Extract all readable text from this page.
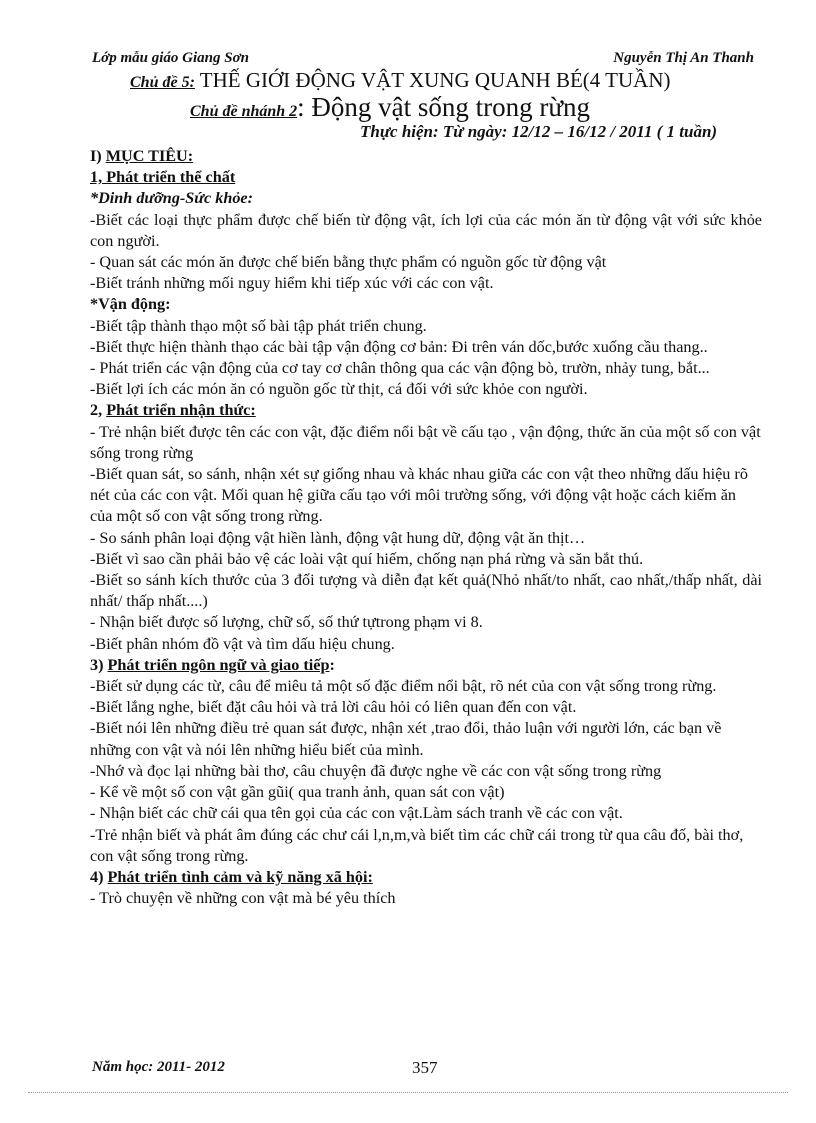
Lớp mẫu giáo Giang Sơn	Nguyễn Thị An Thanh
Chủ đề 5: THẾ GIỚI ĐỘNG VẬT XUNG QUANH BÉ(4 TUẦN)
Chủ đề nhánh 2: Động vật sống trong rừng
Thực hiện: Từ ngày: 12/12 – 16/12 / 2011 ( 1 tuần)

I) MỤC TIÊU:

1, Phát triển thể chất

*Dinh dưỡng-Sức khỏe:

-Biết các loại thực phẩm được chế biến từ động vật, ích lợi của các món ăn từ động vật với sức khỏe con người.

- Quan sát các món ăn được chế biến bằng thực phẩm có nguồn gốc từ động vật

-Biết tránh những mối nguy hiểm khi tiếp xúc với các con vật.

*Vận động:

-Biết tập thành thạo một số bài tập phát triển chung.

-Biết thực hiện thành thạo các bài tập vận động cơ bản: Đi trên ván dốc,bước xuống cầu thang..

- Phát triển các vận động của cơ tay cơ chân thông qua các vận động bò, trườn, nhảy tung, bắt...

-Biết lợi ích các món ăn có nguồn gốc từ thịt, cá đối với sức khỏe con người.

2, Phát triển nhận thức:

- Trẻ nhận biết được tên các con vật, đặc điểm nổi bật về cấu tạo , vận động, thức ăn của một số con vật sống trong rừng

-Biết quan sát, so sánh, nhận xét sự giống nhau và khác nhau giữa các con vật theo những dấu hiệu rõ nét của các con vật. Mối quan hệ giữa cấu tạo với môi trường sống, với động vật hoặc cách kiếm ăn của một số con vật sống trong rừng.

- So sánh phân loại động vật hiền lành, động vật hung dữ, động vật ăn thịt…

-Biết vì sao cần phải bảo vệ các loài vật quí hiếm, chống nạn phá rừng và săn bắt thú.

-Biết so sánh kích thước của 3 đối tượng và diễn đạt kết quả(Nhỏ nhất/to nhất, cao nhất,/thấp nhất, dài nhất/ thấp nhất....)

- Nhận biết được số lượng, chữ số, số thứ tựtrong phạm vi 8.

-Biết phân nhóm đồ vật và tìm dấu hiệu chung.

3) Phát triển ngôn ngữ và giao tiếp:

-Biết sử dụng các từ, câu để miêu tả một số đặc điểm nổi bật, rõ nét của con vật sống trong rừng.

-Biết lắng nghe, biết đặt câu hỏi và trả lời câu hỏi có liên quan đến con vật.

-Biết nói lên những điều trẻ quan sát được, nhận xét ,trao đổi, thảo luận với người lớn, các bạn về những con vật và nói lên những hiểu biết của mình.

-Nhớ và đọc lại những bài thơ, câu chuyện đã được nghe về các con vật sống trong rừng

- Kể về một số con vật gần gũi( qua tranh ảnh, quan sát con vật)

- Nhận biết các chữ cái qua tên gọi của các con vật.Làm sách tranh về các con vật.

-Trẻ nhận biết và phát âm đúng các chư cái l,n,m,và biết tìm các chữ cái trong từ qua câu đố, bài thơ, con vật sống trong rừng.

4) Phát triển tình cảm và kỹ năng xã hội:

- Trò chuyện về những con vật mà bé yêu thích

Năm học: 2011- 2012	357
